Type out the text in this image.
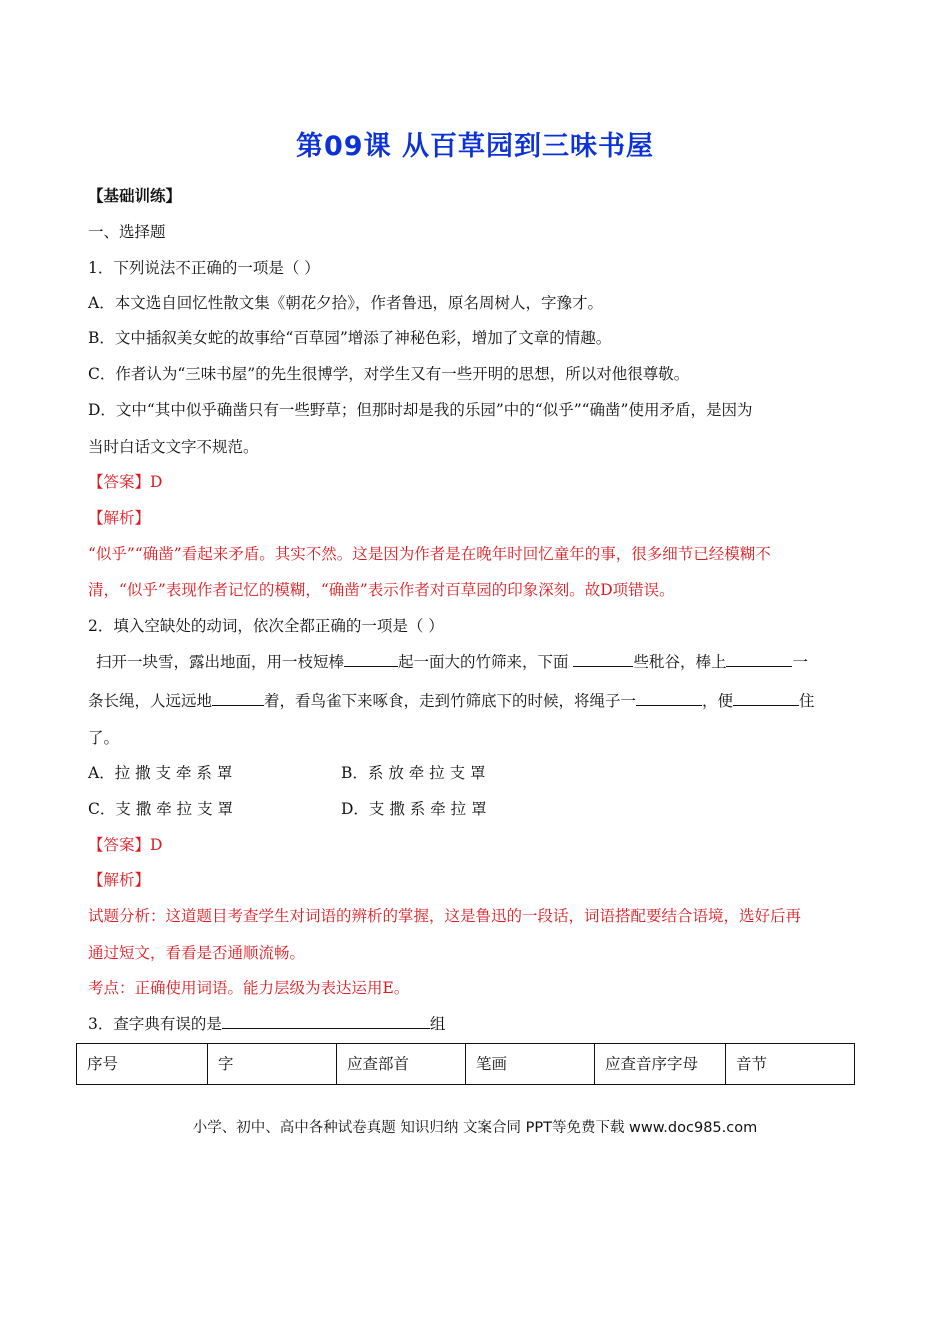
第09课 从百草园到三味书屋
【基础训练】
一、选择题
1．下列说法不正确的一项是（ ）
A．本文选自回忆性散文集《朝花夕拾》，作者鲁迅，原名周树人，字豫才。
B．文中插叙美女蛇的故事给“百草园”增添了神秘色彩，增加了文章的情趣。
C．作者认为“三味书屋”的先生很博学，对学生又有一些开明的思想，所以对他很尊敬。
D．文中“其中似乎确凿只有一些野草；但那时却是我的乐园”中的“似乎”“确凿”使用矛盾，是因为
当时白话文文字不规范。
【答案】D
【解析】
“似乎”“确凿”看起来矛盾。其实不然。这是因为作者是在晚年时回忆童年的事，很多细节已经模糊不
清，“似乎”表现作者记忆的模糊，“确凿”表示作者对百草园的印象深刻。故D项错误。
2．填入空缺处的动词，依次全都正确的一项是（ ）
扫开一块雪，露出地面，用一枝短棒	起一面大的竹筛来，下面	些秕谷，棒上	一
条长绳，人远远地	着，看鸟雀下来啄食，走到竹筛底下的时候，将绳子一	，便	住
了。
A．拉 撒 支 牵 系 罩	B．系 放 牵 拉 支 罩
C．支 撒 牵 拉 支 罩	D．支 撒 系 牵 拉 罩
【答案】D
【解析】
试题分析：这道题目考查学生对词语的辨析的掌握，这是鲁迅的一段话，词语搭配要结合语境，选好后再
通过短文，看看是否通顺流畅。
考点：正确使用词语。能力层级为表达运用E。
3．查字典有误的是	组
序号	字	应查部首	笔画	应查音序字母	音节
小学、初中、高中各种试卷真题 知识归纳 文案合同 PPT等免费下载 www.doc985.com
